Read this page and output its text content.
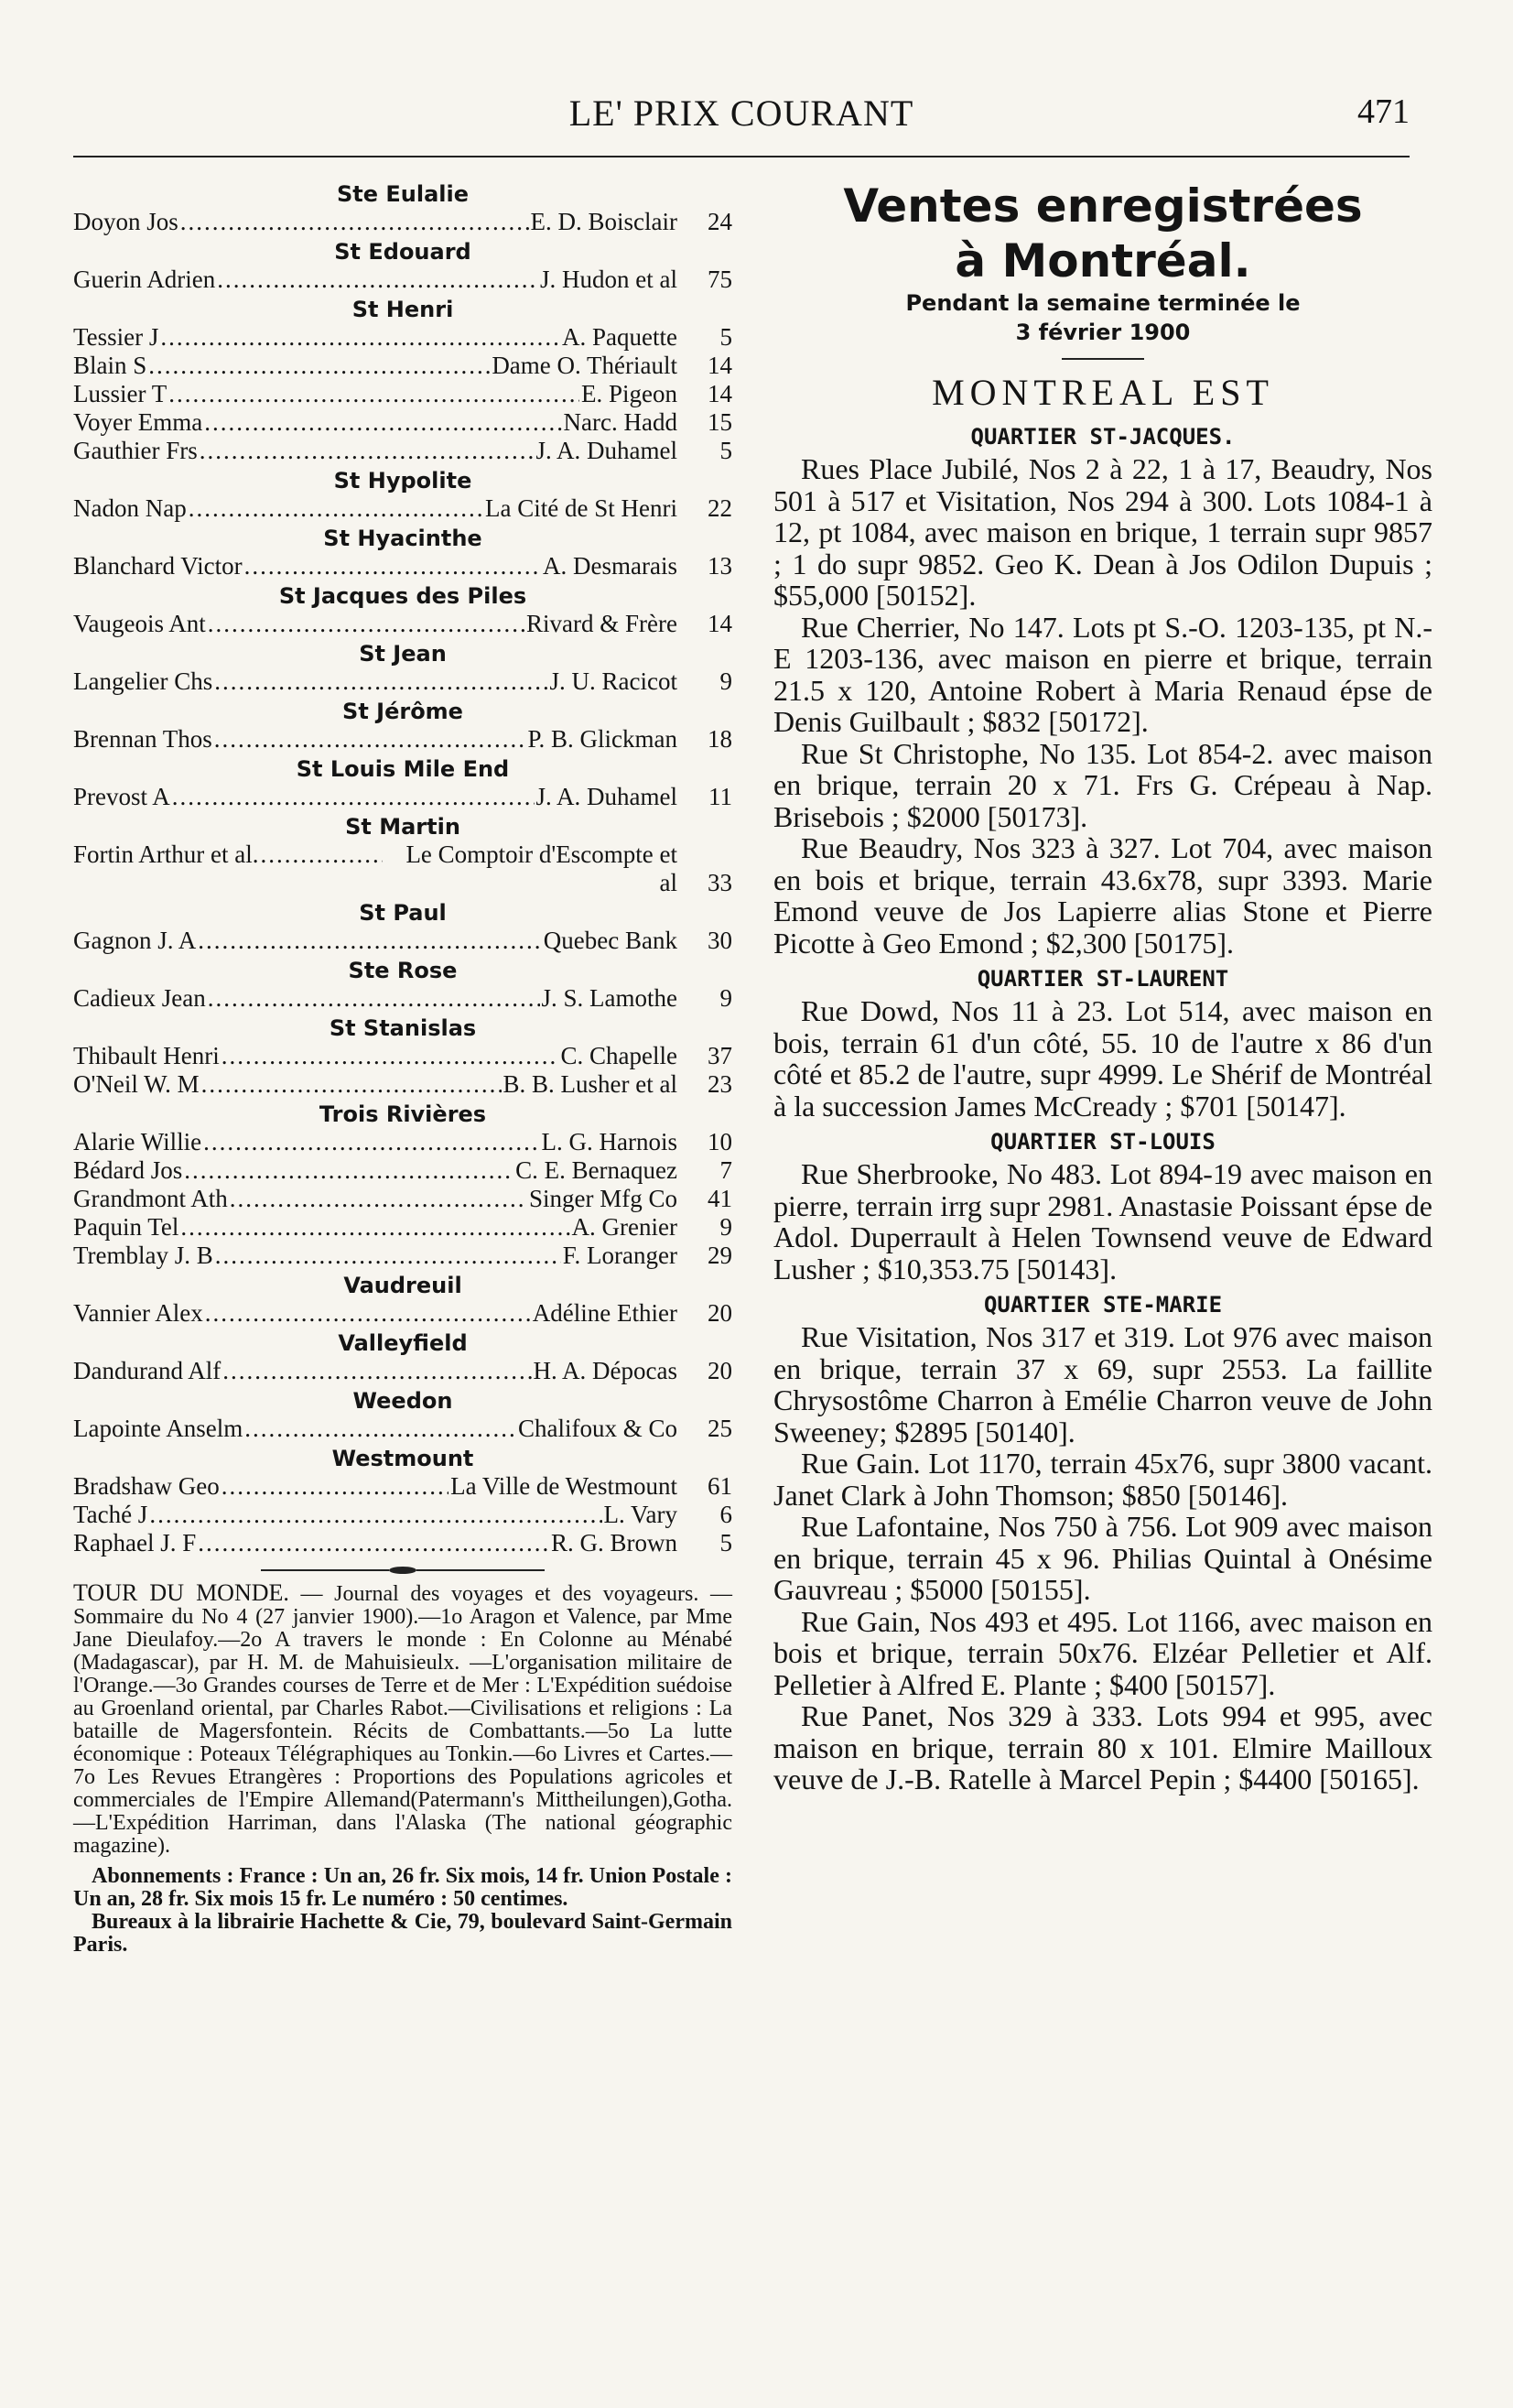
LE' PRIX COURANT	471
Ste Eulalie
Doyon Jos .....	E. D. Boisclair	24
St Edouard
Guerin Adrien .....	J. Hudon et al	75
St Henri
Tessier J .....	A. Paquette	5
Blain S .....	Dame O. Thériault	14
Lussier T .....	E. Pigeon	14
Voyer Emma .....	Narc. Hadd	15
Gauthier Frs .....	J. A. Duhamel	5
St Hypolite
Nadon Nap .....	La Cité de St Henri	22
St Hyacinthe
Blanchard Victor .....	A. Desmarais	13
St Jacques des Piles
Vaugeois Ant .....	Rivard & Frère	14
St Jean
Langelier Chs .....	J. U. Racicot	9
St Jérôme
Brennan Thos .....	P. B. Glickman	18
St Louis Mile End
Prevost A .....	J. A. Duhamel	11
St Martin
Fortin Arthur et al. .....	Le Comptoir d'Escompte et al	33
St Paul
Gagnon J. A .....	Quebec Bank	30
Ste Rose
Cadieux Jean .....	J. S. Lamothe	9
St Stanislas
Thibault Henri .....	C. Chapelle	37
O'Neil W. M .....	B. B. Lusher et al	23
Trois Rivières
Alarie Willie .....	L. G. Harnois	10
Bédard Jos .....	C. E. Bernaquez	7
Grandmont Ath .....	Singer Mfg Co	41
Paquin Tel .....	A. Grenier	9
Tremblay J. B .....	F. Loranger	29
Vaudreuil
Vannier Alex .....	Adéline Ethier	20
Valleyfield
Dandurand Alf .....	H. A. Dépocas	20
Weedon
Lapointe Anselm .....	Chalifoux & Co	25
Westmount
Bradshaw Geo .....	La Ville de Westmount	61
Taché J .....	L. Vary	6
Raphael J. F .....	R. G. Brown	5
TOUR DU MONDE. — Journal des voyages et des voyageurs. — Sommaire du No 4 (27 janvier 1900).—1o Aragon et Valence, par Mme Jane Dieulafoy.—2o A travers le monde : En Colonne au Ménabé (Madagascar), par H. M. de Mahuisieulx. —L'organisation militaire de l'Orange.—3o Grandes courses de Terre et de Mer : L'Expédition suédoise au Groenland oriental, par Charles Rabot.—Civilisations et religions : La bataille de Magersfontein. Récits de Combattants.—5o La lutte économique : Poteaux Télégraphiques au Tonkin.—6o Livres et Cartes.—7o Les Revues Etrangères : Proportions des Populations agricoles et commerciales de l'Empire Allemand(Patermann's Mittheilungen),Gotha. —L'Expédition Harriman, dans l'Alaska (The national géographic magazine).
Abonnements : France : Un an, 26 fr. Six mois, 14 fr. Union Postale : Un an, 28 fr. Six mois 15 fr. Le numéro : 50 centimes.
Bureaux à la librairie Hachette & Cie, 79, boulevard Saint-Germain Paris.
Ventes enregistrées
à Montréal.
Pendant la semaine terminée le
3 février 1900
MONTREAL EST
QUARTIER ST-JACQUES.

Rues Place Jubilé, Nos 2 à 22, 1 à 17, Beaudry, Nos 501 à 517 et Visitation, Nos 294 à 300. Lots 1084-1 à 12, pt 1084, avec maison en brique, 1 terrain supr 9857 ; 1 do supr 9852. Geo K. Dean à Jos Odilon Dupuis ; $55,000 [50152].

Rue Cherrier, No 147. Lots pt S.-O. 1203-135, pt N.-E 1203-136, avec maison en pierre et brique, terrain 21.5 x 120, Antoine Robert à Maria Renaud épse de Denis Guilbault ; $832 [50172].

Rue St Christophe, No 135. Lot 854-2. avec maison en brique, terrain 20 x 71. Frs G. Crépeau à Nap. Brisebois ; $2000 [50173].

Rue Beaudry, Nos 323 à 327. Lot 704, avec maison en bois et brique, terrain 43.6x78, supr 3393. Marie Emond veuve de Jos Lapierre alias Stone et Pierre Picotte à Geo Emond ; $2,300 [50175].

QUARTIER ST-LAURENT

Rue Dowd, Nos 11 à 23. Lot 514, avec maison en bois, terrain 61 d'un côté, 55. 10 de l'autre x 86 d'un côté et 85.2 de l'autre, supr 4999. Le Shérif de Montréal à la succession James McCready ; $701 [50147].

QUARTIER ST-LOUIS

Rue Sherbrooke, No 483. Lot 894-19 avec maison en pierre, terrain irrg supr 2981. Anastasie Poissant épse de Adol. Duperrault à Helen Townsend veuve de Edward Lusher ; $10,353.75 [50143].

QUARTIER STE-MARIE

Rue Visitation, Nos 317 et 319. Lot 976 avec maison en brique, terrain 37 x 69, supr 2553. La faillite Chrysostôme Charron à Emélie Charron veuve de John Sweeney; $2895 [50140].

Rue Gain. Lot 1170, terrain 45x76, supr 3800 vacant. Janet Clark à John Thomson; $850 [50146].

Rue Lafontaine, Nos 750 à 756. Lot 909 avec maison en brique, terrain 45 x 96. Philias Quintal à Onésime Gauvreau ; $5000 [50155].

Rue Gain, Nos 493 et 495. Lot 1166, avec maison en bois et brique, terrain 50x76. Elzéar Pelletier et Alf. Pelletier à Alfred E. Plante ; $400 [50157].

Rue Panet, Nos 329 à 333. Lots 994 et 995, avec maison en brique, terrain 80 x 101. Elmire Mailloux veuve de J.-B. Ratelle à Marcel Pepin ; $4400 [50165].
